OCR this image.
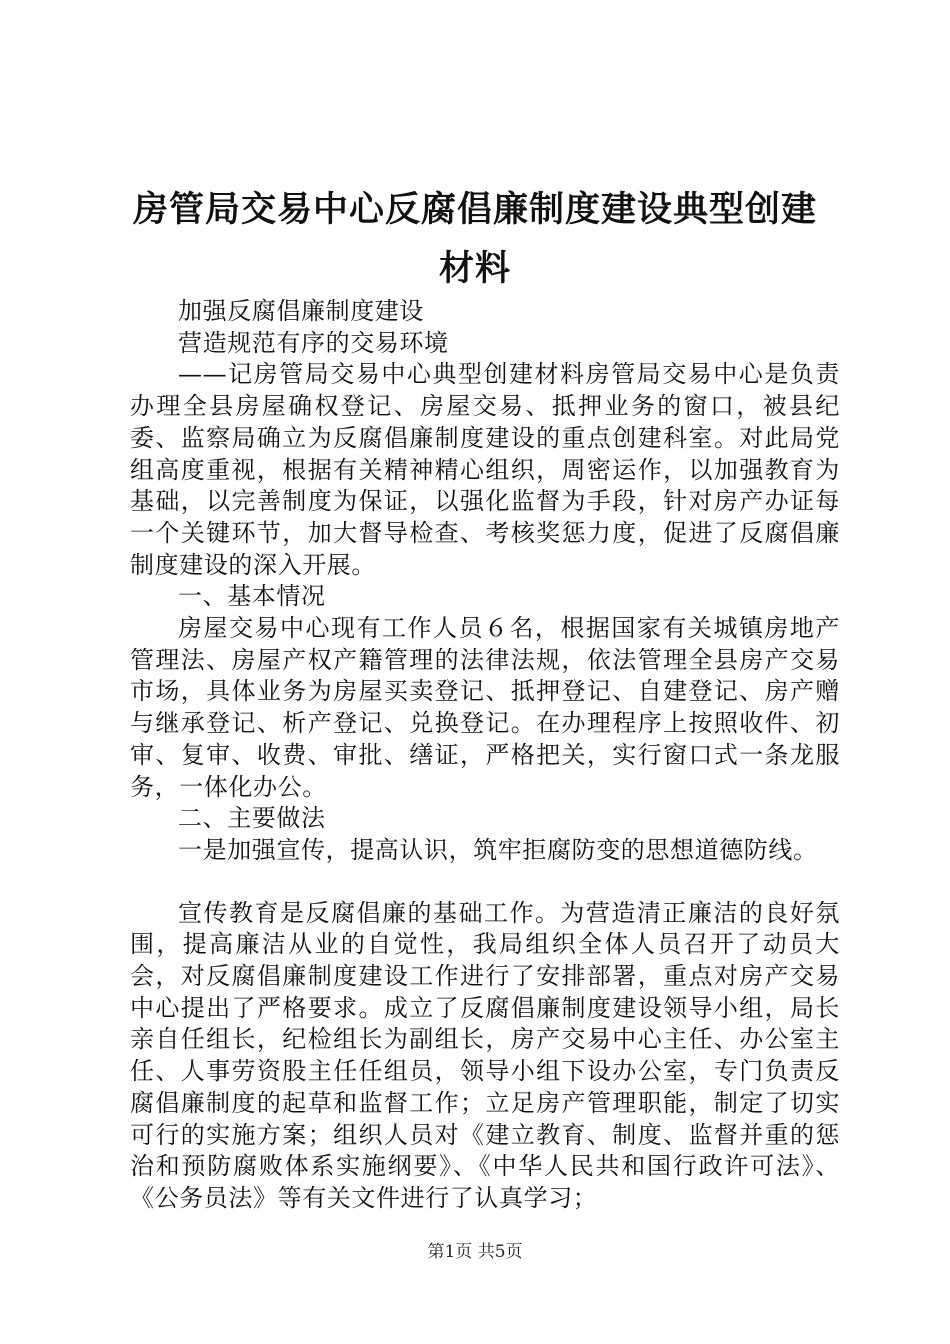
房管局交易中心反腐倡廉制度建设典型创建材料

加强反腐倡廉制度建设

营造规范有序的交易环境

——记房管局交易中心典型创建材料房管局交易中心是负责办理全县房屋确权登记、房屋交易、抵押业务的窗口，被县纪委、监察局确立为反腐倡廉制度建设的重点创建科室。对此局党组高度重视，根据有关精神精心组织，周密运作，以加强教育为基础，以完善制度为保证，以强化监督为手段，针对房产办证每一个关键环节，加大督导检查、考核奖惩力度，促进了反腐倡廉制度建设的深入开展。

一、基本情况

房屋交易中心现有工作人员６名，根据国家有关城镇房地产管理法、房屋产权产籍管理的法律法规，依法管理全县房产交易市场，具体业务为房屋买卖登记、抵押登记、自建登记、房产赠与继承登记、析产登记、兑换登记。在办理程序上按照收件、初审、复审、收费、审批、缮证，严格把关，实行窗口式一条龙服务，一体化办公。

二、主要做法

一是加强宣传，提高认识，筑牢拒腐防变的思想道德防线。

宣传教育是反腐倡廉的基础工作。为营造清正廉洁的良好氛围，提高廉洁从业的自觉性，我局组织全体人员召开了动员大会，对反腐倡廉制度建设工作进行了安排部署，重点对房产交易中心提出了严格要求。成立了反腐倡廉制度建设领导小组，局长亲自任组长，纪检组长为副组长，房产交易中心主任、办公室主任、人事劳资股主任任组员，领导小组下设办公室，专门负责反腐倡廉制度的起草和监督工作；立足房产管理职能，制定了切实可行的实施方案；组织人员对《建立教育、制度、监督并重的惩治和预防腐败体系实施纲要》、《中华人民共和国行政许可法》、《公务员法》等有关文件进行了认真学习；

第1页 共5页
